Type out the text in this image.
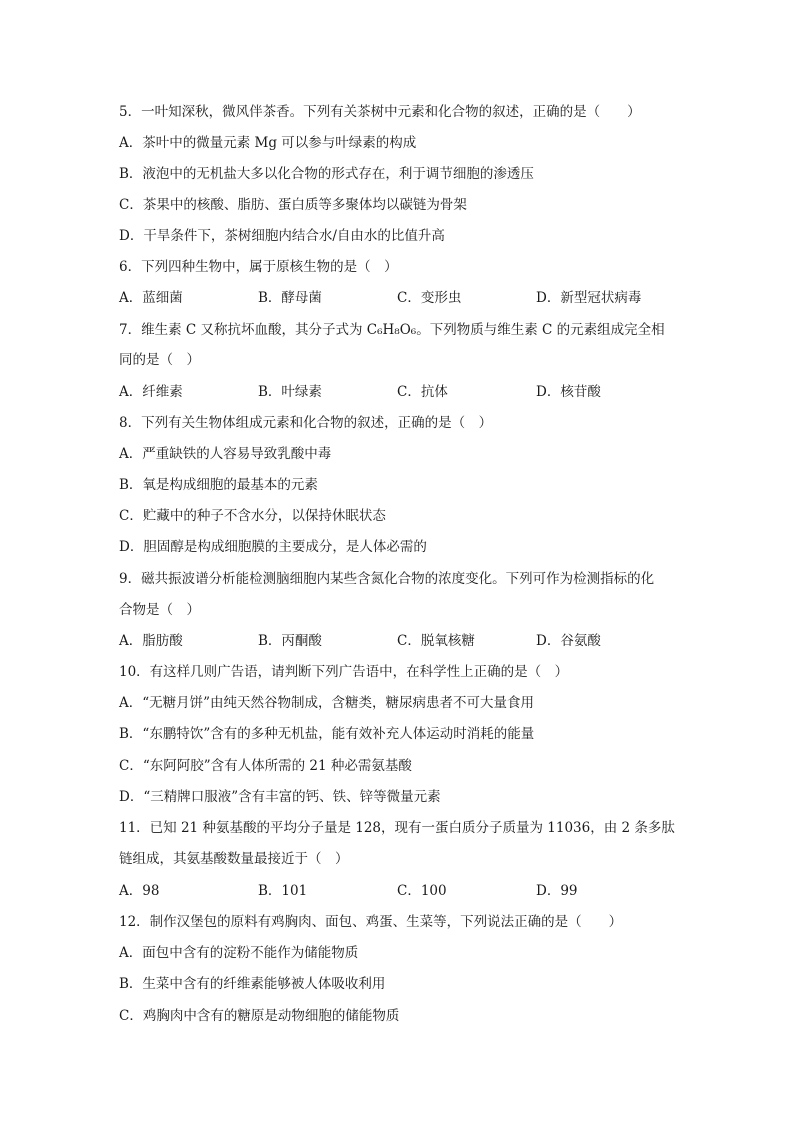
5．一叶知深秋，微风伴茶香。下列有关茶树中元素和化合物的叙述，正确的是（　　）
A．茶叶中的微量元素 Mg 可以参与叶绿素的构成
B．液泡中的无机盐大多以化合物的形式存在，利于调节细胞的渗透压
C．茶果中的核酸、脂肪、蛋白质等多聚体均以碳链为骨架
D．干旱条件下，茶树细胞内结合水/自由水的比值升高
6．下列四种生物中，属于原核生物的是（　）
A．蓝细菌	B．酵母菌	C．变形虫	D．新型冠状病毒
7．维生素 C 又称抗坏血酸，其分子式为 C₆H₈O₆。下列物质与维生素 C 的元素组成完全相
同的是（　）
A．纤维素	B．叶绿素	C．抗体	D．核苷酸
8．下列有关生物体组成元素和化合物的叙述，正确的是（　）
A．严重缺铁的人容易导致乳酸中毒
B．氧是构成细胞的最基本的元素
C．贮藏中的种子不含水分，以保持休眠状态
D．胆固醇是构成细胞膜的主要成分，是人体必需的
9．磁共振波谱分析能检测脑细胞内某些含氮化合物的浓度变化。下列可作为检测指标的化
合物是（　）
A．脂肪酸	B．丙酮酸	C．脱氧核糖	D．谷氨酸
10．有这样几则广告语，请判断下列广告语中，在科学性上正确的是（　）
A．“无糖月饼”由纯天然谷物制成，含糖类，糖尿病患者不可大量食用
B．“东鹏特饮”含有的多种无机盐，能有效补充人体运动时消耗的能量
C．“东阿阿胶”含有人体所需的 21 种必需氨基酸
D．“三精牌口服液”含有丰富的钙、铁、锌等微量元素
11．已知 21 种氨基酸的平均分子量是 128，现有一蛋白质分子质量为 11036，由 2 条多肽
链组成，其氨基酸数量最接近于（　）
A．98	B．101	C．100	D．99
12．制作汉堡包的原料有鸡胸肉、面包、鸡蛋、生菜等，下列说法正确的是（　　）
A．面包中含有的淀粉不能作为储能物质
B．生菜中含有的纤维素能够被人体吸收利用
C．鸡胸肉中含有的糖原是动物细胞的储能物质
